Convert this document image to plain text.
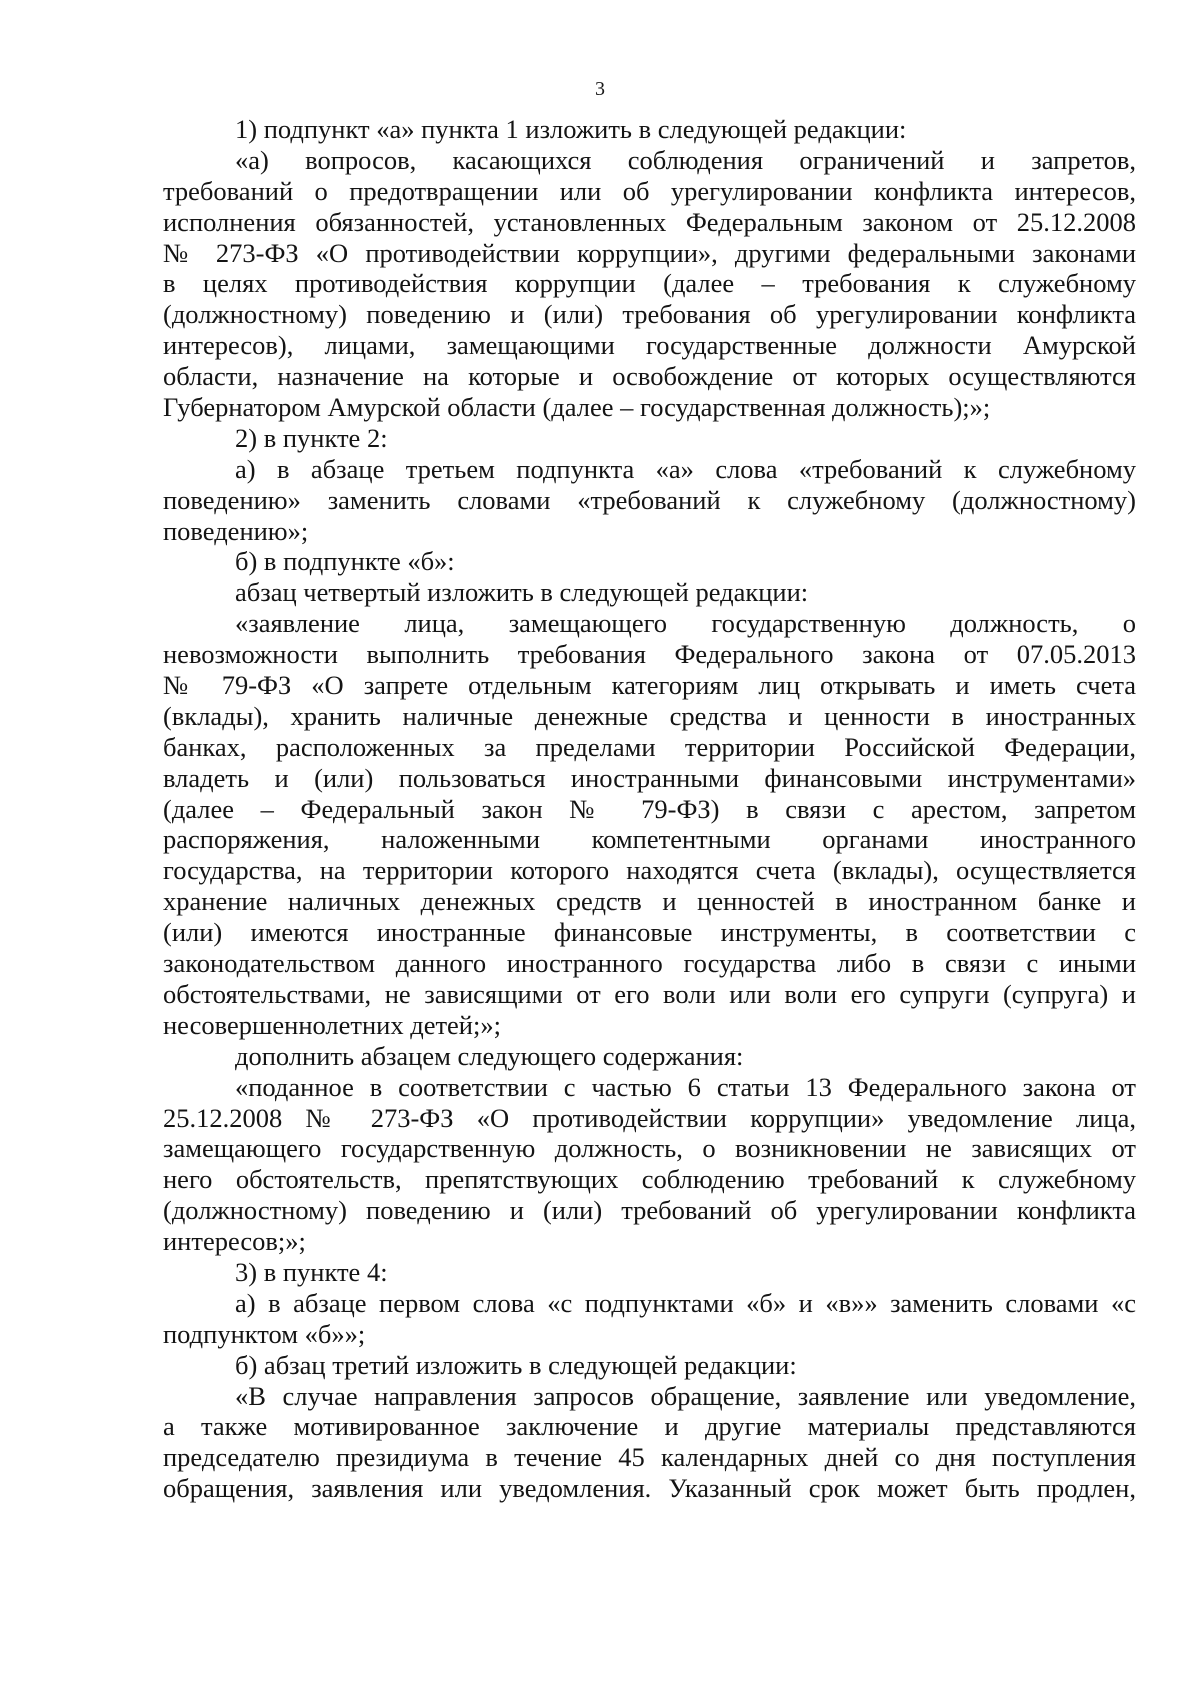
3

1) подпункт «а» пункта 1 изложить в следующей редакции:
«а) вопросов, касающихся соблюдения ограничений и запретов,
требований о предотвращении или об урегулировании конфликта интересов,
исполнения обязанностей, установленных Федеральным законом от 25.12.2008
№ 273-ФЗ «О противодействии коррупции», другими федеральными законами
в целях противодействия коррупции (далее – требования к служебному
(должностному) поведению и (или) требования об урегулировании конфликта
интересов), лицами, замещающими государственные должности Амурской
области, назначение на которые и освобождение от которых осуществляются
Губернатором Амурской области (далее – государственная должность);»;
2) в пункте 2:
а) в абзаце третьем подпункта «а» слова «требований к служебному
поведению» заменить словами «требований к служебному (должностному)
поведению»;
б) в подпункте «б»:
абзац четвертый изложить в следующей редакции:
«заявление лица, замещающего государственную должность, о
невозможности выполнить требования Федерального закона от 07.05.2013
№ 79-ФЗ «О запрете отдельным категориям лиц открывать и иметь счета
(вклады), хранить наличные денежные средства и ценности в иностранных
банках, расположенных за пределами территории Российской Федерации,
владеть и (или) пользоваться иностранными финансовыми инструментами»
(далее – Федеральный закон № 79-ФЗ) в связи с арестом, запретом
распоряжения, наложенными компетентными органами иностранного
государства, на территории которого находятся счета (вклады), осуществляется
хранение наличных денежных средств и ценностей в иностранном банке и
(или) имеются иностранные финансовые инструменты, в соответствии с
законодательством данного иностранного государства либо в связи с иными
обстоятельствами, не зависящими от его воли или воли его супруги (супруга) и
несовершеннолетних детей;»;
дополнить абзацем следующего содержания:
«поданное в соответствии с частью 6 статьи 13 Федерального закона от
25.12.2008 № 273-ФЗ «О противодействии коррупции» уведомление лица,
замещающего государственную должность, о возникновении не зависящих от
него обстоятельств, препятствующих соблюдению требований к служебному
(должностному) поведению и (или) требований об урегулировании конфликта
интересов;»;
3) в пункте 4:
а) в абзаце первом слова «с подпунктами «б» и «в»» заменить словами «с
подпунктом «б»»;
б) абзац третий изложить в следующей редакции:
«В случае направления запросов обращение, заявление или уведомление,
а также мотивированное заключение и другие материалы представляются
председателю президиума в течение 45 календарных дней со дня поступления
обращения, заявления или уведомления. Указанный срок может быть продлен,
